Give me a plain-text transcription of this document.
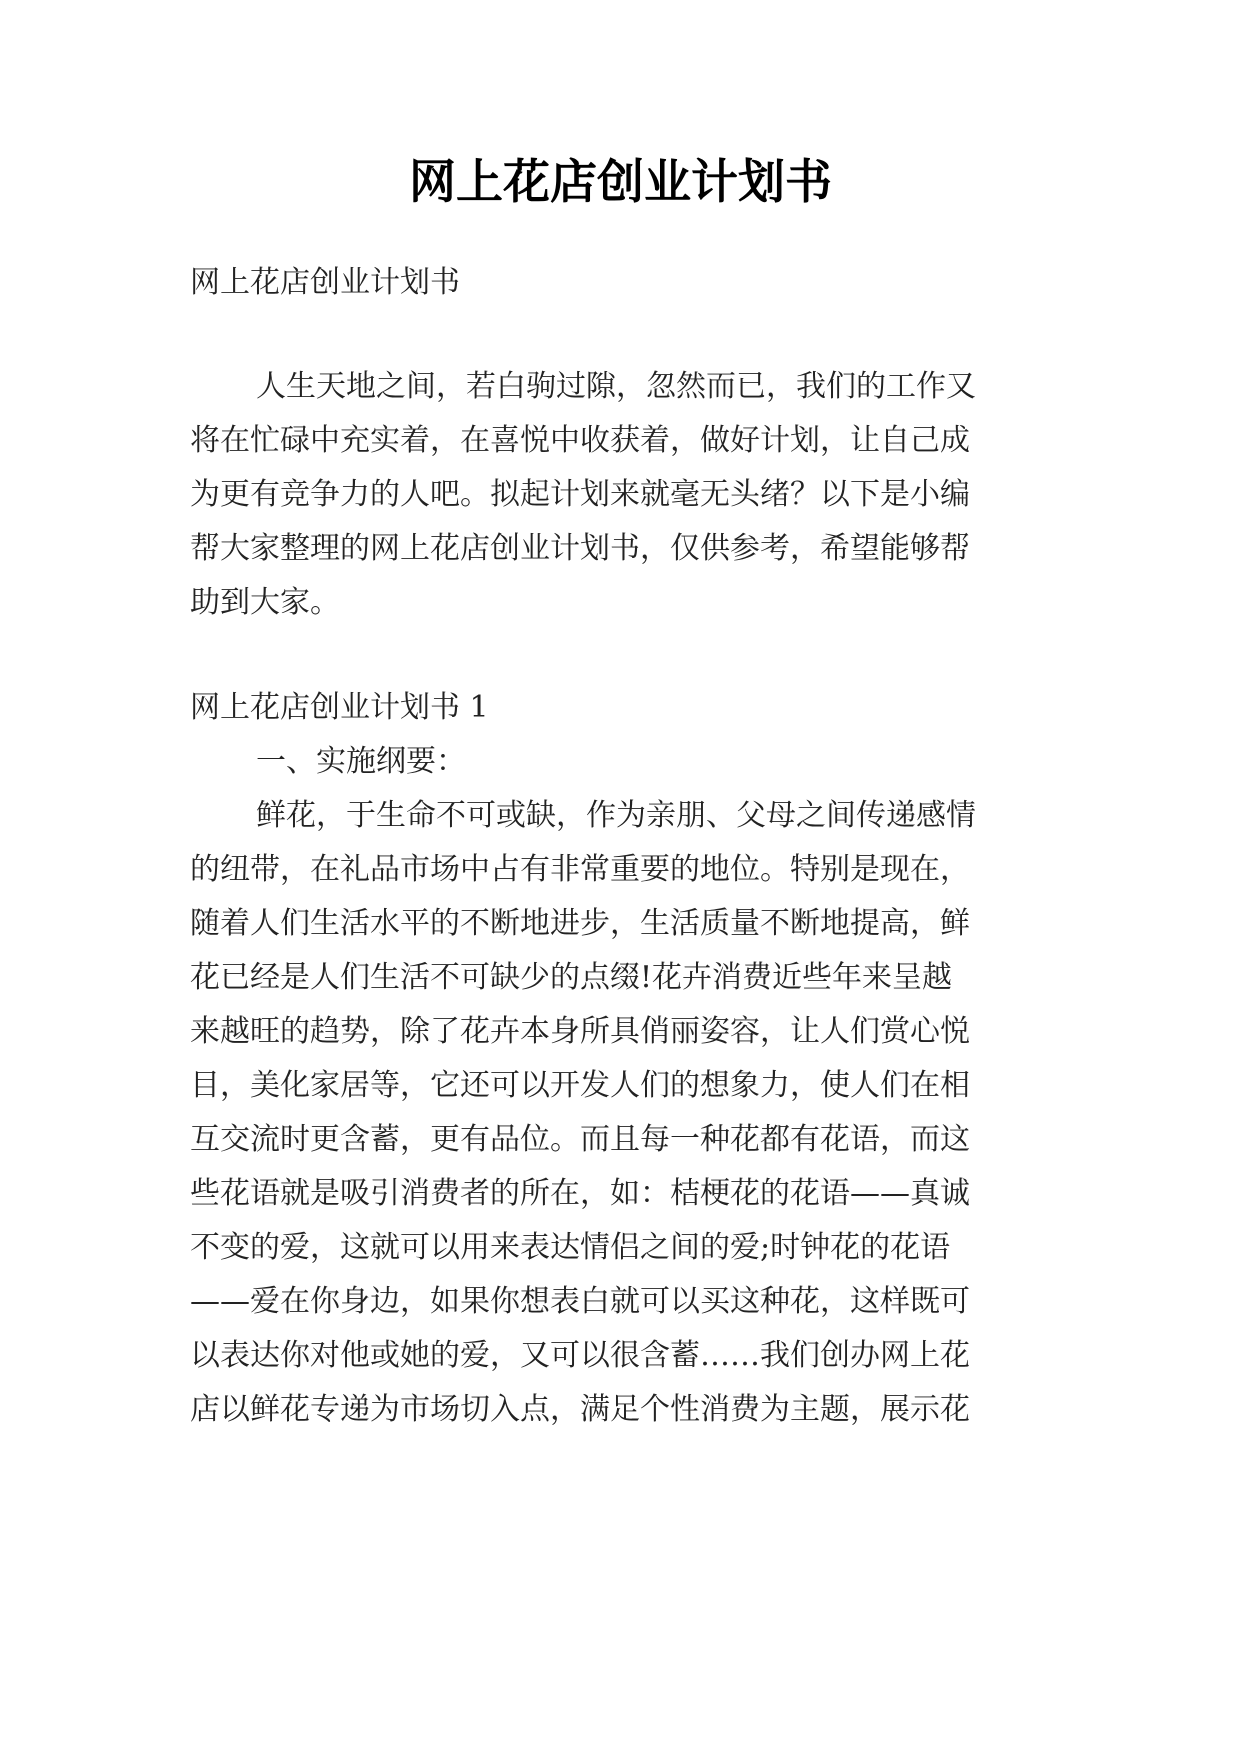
网上花店创业计划书

网上花店创业计划书

人生天地之间，若白驹过隙，忽然而已，我们的工作又

将在忙碌中充实着，在喜悦中收获着，做好计划，让自己成

为更有竞争力的人吧。拟起计划来就毫无头绪？以下是小编

帮大家整理的网上花店创业计划书，仅供参考，希望能够帮

助到大家。

网上花店创业计划书 1

一、实施纲要：

鲜花，于生命不可或缺，作为亲朋、父母之间传递感情

的纽带，在礼品市场中占有非常重要的地位。特别是现在，

随着人们生活水平的不断地进步，生活质量不断地提高，鲜

花已经是人们生活不可缺少的点缀!花卉消费近些年来呈越

来越旺的趋势，除了花卉本身所具俏丽姿容，让人们赏心悦

目，美化家居等，它还可以开发人们的想象力，使人们在相

互交流时更含蓄，更有品位。而且每一种花都有花语，而这

些花语就是吸引消费者的所在，如：桔梗花的花语——真诚

不变的爱，这就可以用来表达情侣之间的爱;时钟花的花语

——爱在你身边，如果你想表白就可以买这种花，这样既可

以表达你对他或她的爱，又可以很含蓄……我们创办网上花

店以鲜花专递为市场切入点，满足个性消费为主题，展示花
